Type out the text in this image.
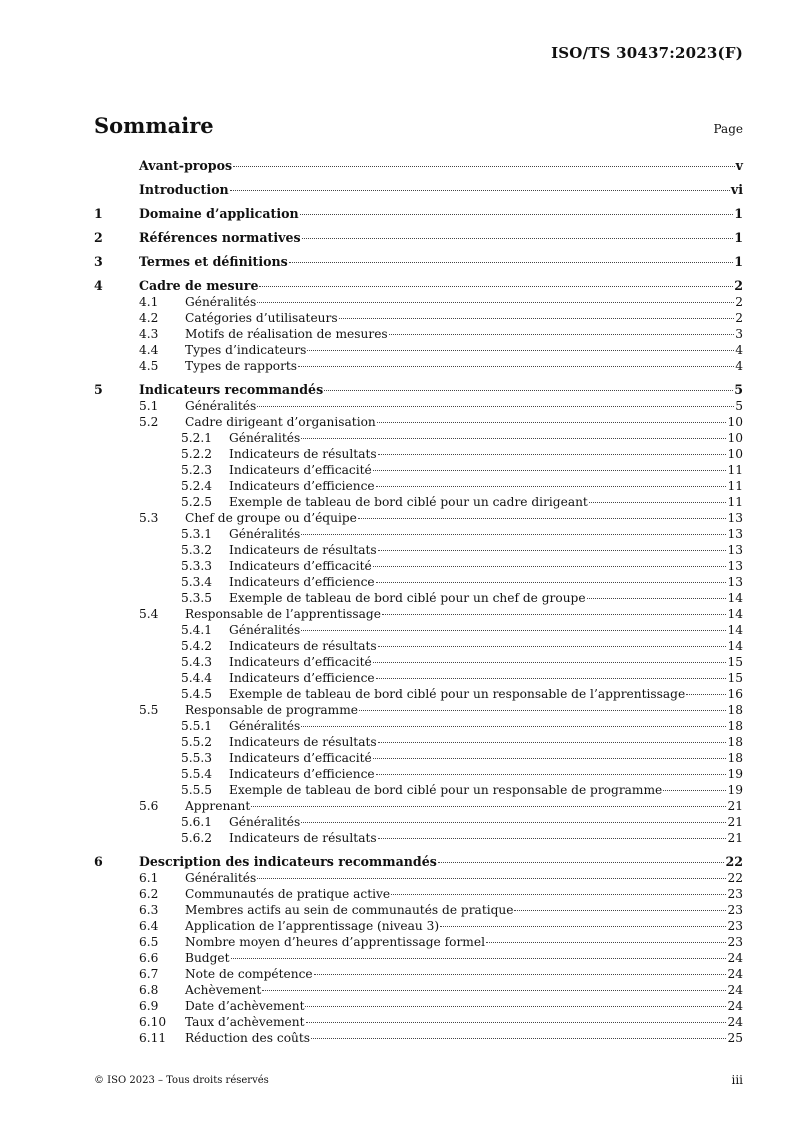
ISO/TS 30437:2023(F)
Sommaire	Page
Avant-propos	v
Introduction	vi
1	Domaine d’application	1
2	Références normatives	1
3	Termes et définitions	1
4	Cadre de mesure	2
4.1	Généralités	2
4.2	Catégories d’utilisateurs	2
4.3	Motifs de réalisation de mesures	3
4.4	Types d’indicateurs	4
4.5	Types de rapports	4
5	Indicateurs recommandés	5
5.1	Généralités	5
5.2	Cadre dirigeant d’organisation	10
5.2.1	Généralités	10
5.2.2	Indicateurs de résultats	10
5.2.3	Indicateurs d’efficacité	11
5.2.4	Indicateurs d’efficience	11
5.2.5	Exemple de tableau de bord ciblé pour un cadre dirigeant	11
5.3	Chef de groupe ou d’équipe	13
5.3.1	Généralités	13
5.3.2	Indicateurs de résultats	13
5.3.3	Indicateurs d’efficacité	13
5.3.4	Indicateurs d’efficience	13
5.3.5	Exemple de tableau de bord ciblé pour un chef de groupe	14
5.4	Responsable de l’apprentissage	14
5.4.1	Généralités	14
5.4.2	Indicateurs de résultats	14
5.4.3	Indicateurs d’efficacité	15
5.4.4	Indicateurs d’efficience	15
5.4.5	Exemple de tableau de bord ciblé pour un responsable de l’apprentissage	16
5.5	Responsable de programme	18
5.5.1	Généralités	18
5.5.2	Indicateurs de résultats	18
5.5.3	Indicateurs d’efficacité	18
5.5.4	Indicateurs d’efficience	19
5.5.5	Exemple de tableau de bord ciblé pour un responsable de programme	19
5.6	Apprenant	21
5.6.1	Généralités	21
5.6.2	Indicateurs de résultats	21
6	Description des indicateurs recommandés	22
6.1	Généralités	22
6.2	Communautés de pratique active	23
6.3	Membres actifs au sein de communautés de pratique	23
6.4	Application de l’apprentissage (niveau 3)	23
6.5	Nombre moyen d’heures d’apprentissage formel	23
6.6	Budget	24
6.7	Note de compétence	24
6.8	Achèvement	24
6.9	Date d’achèvement	24
6.10	Taux d’achèvement	24
6.11	Réduction des coûts	25
© ISO 2023 – Tous droits réservés	iii
